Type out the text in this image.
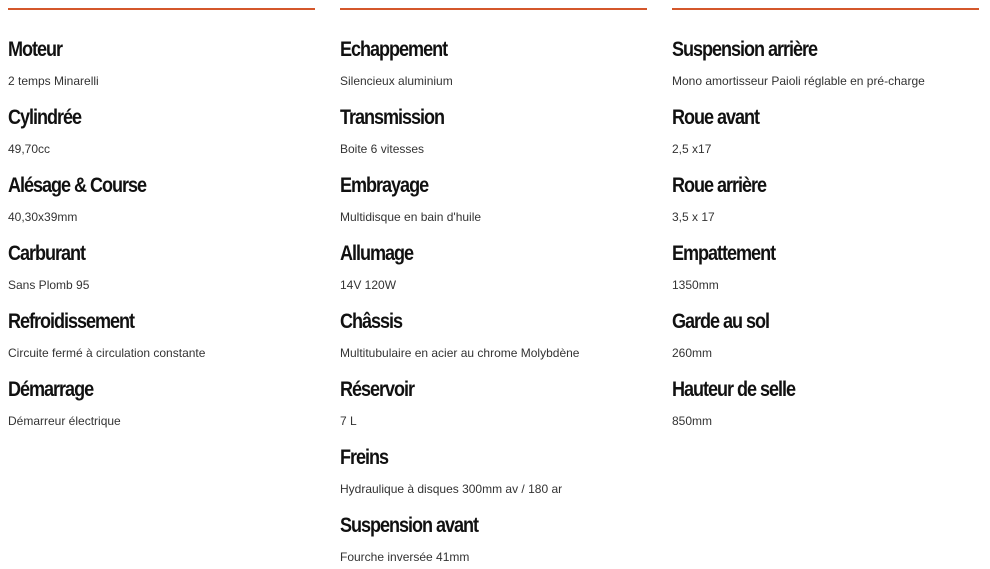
Moteur

2 temps Minarelli

Cylindrée

49,70cc

Alésage & Course

40,30x39mm

Carburant

Sans Plomb 95

Refroidissement

Circuite fermé à circulation constante

Démarrage

Démarreur électrique

Echappement

Silencieux aluminium

Transmission

Boite 6 vitesses

Embrayage

Multidisque en bain d'huile

Allumage

14V 120W

Châssis

Multitubulaire en acier au chrome Molybdène

Réservoir

7 L

Freins

Hydraulique à disques 300mm av / 180 ar

Suspension avant

Fourche inversée 41mm

Suspension arrière

Mono amortisseur Paioli réglable en pré-charge

Roue avant

2,5 x17

Roue arrière

3,5 x 17

Empattement

1350mm

Garde au sol

260mm

Hauteur de selle

850mm
